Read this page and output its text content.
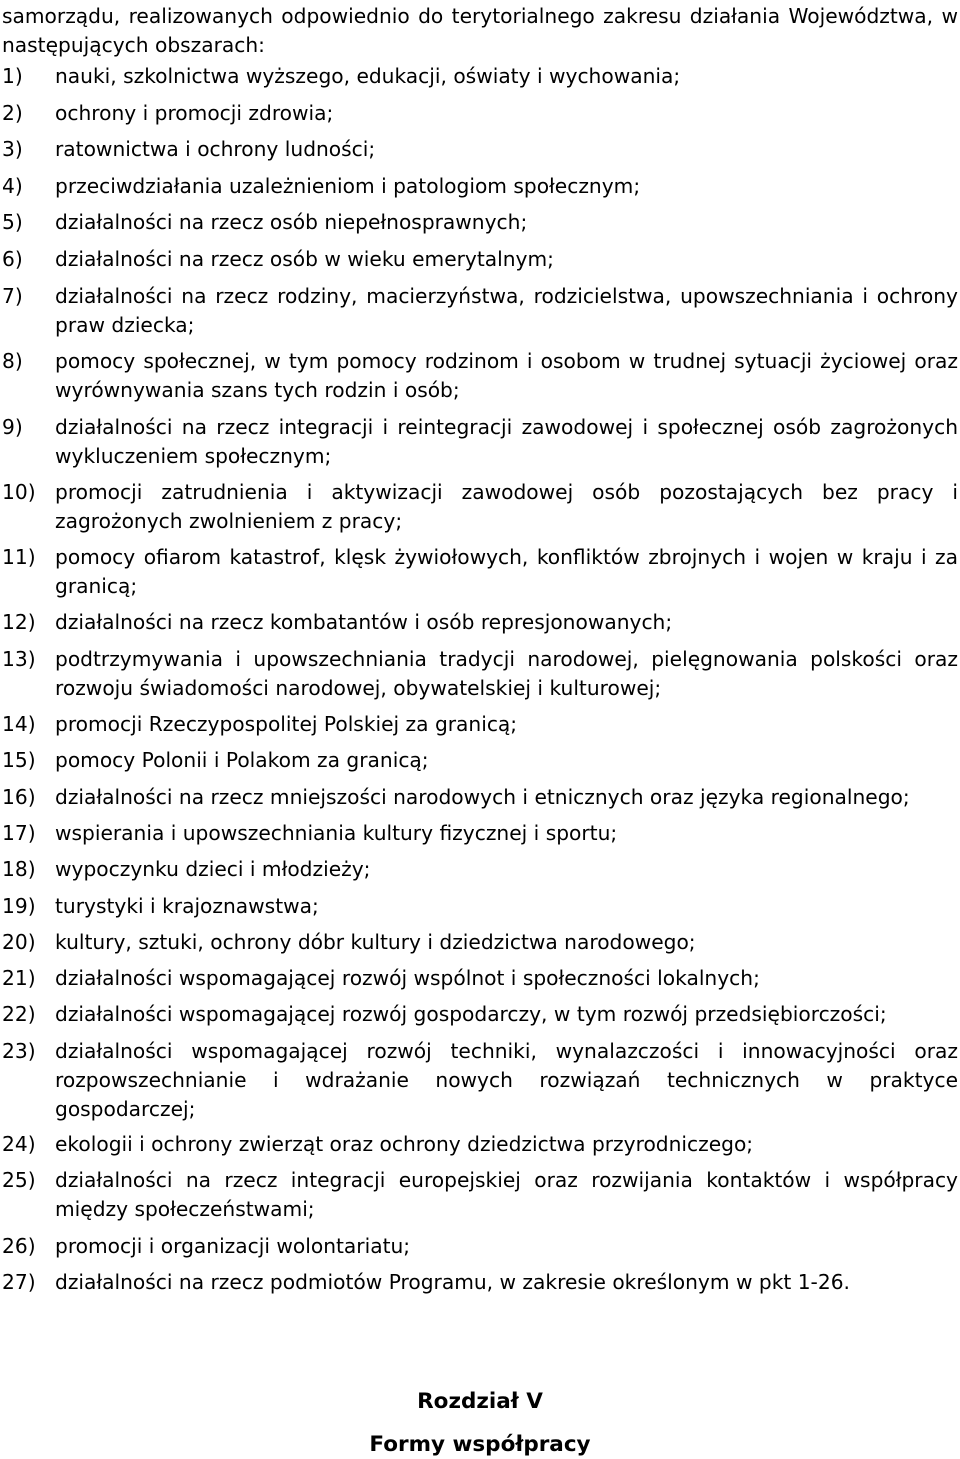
samorządu, realizowanych odpowiednio do terytorialnego zakresu działania Województwa, w następujących obszarach:
1)	nauki, szkolnictwa wyższego, edukacji, oświaty i wychowania;
2)	ochrony i promocji zdrowia;
3)	ratownictwa i ochrony ludności;
4)	przeciwdziałania uzależnieniom i patologiom społecznym;
5)	działalności na rzecz osób niepełnosprawnych;
6)	działalności na rzecz osób w wieku emerytalnym;
7)	działalności na rzecz rodziny, macierzyństwa, rodzicielstwa, upowszechniania i ochrony praw dziecka;
8)	pomocy społecznej, w tym pomocy rodzinom i osobom w trudnej sytuacji życiowej oraz wyrównywania szans tych rodzin i osób;
9)	działalności na rzecz integracji i reintegracji zawodowej i społecznej osób zagrożonych wykluczeniem społecznym;
10) promocji zatrudnienia i aktywizacji zawodowej osób pozostających bez pracy i zagrożonych zwolnieniem z pracy;
11) pomocy ofiarom katastrof, klęsk żywiołowych, konfliktów zbrojnych i wojen w kraju i za granicą;
12) działalności na rzecz kombatantów i osób represjonowanych;
13) podtrzymywania i upowszechniania tradycji narodowej, pielęgnowania polskości oraz rozwoju świadomości narodowej, obywatelskiej i kulturowej;
14) promocji Rzeczypospolitej Polskiej za granicą;
15) pomocy Polonii i Polakom za granicą;
16) działalności na rzecz mniejszości narodowych i etnicznych oraz języka regionalnego;
17) wspierania i upowszechniania kultury fizycznej i sportu;
18) wypoczynku dzieci i młodzieży;
19) turystyki i krajoznawstwa;
20) kultury, sztuki, ochrony dóbr kultury i dziedzictwa narodowego;
21) działalności wspomagającej rozwój wspólnot i społeczności lokalnych;
22) działalności wspomagającej rozwój gospodarczy, w tym rozwój przedsiębiorczości;
23) działalności wspomagającej rozwój techniki, wynalazczości i innowacyjności oraz rozpowszechnianie i wdrażanie nowych rozwiązań technicznych w praktyce gospodarczej;
24) ekologii i ochrony zwierząt oraz ochrony dziedzictwa przyrodniczego;
25) działalności na rzecz integracji europejskiej oraz rozwijania kontaktów i współpracy między społeczeństwami;
26) promocji i organizacji wolontariatu;
27) działalności na rzecz podmiotów Programu, w zakresie określonym w pkt 1-26.
Rozdział V
Formy współpracy
